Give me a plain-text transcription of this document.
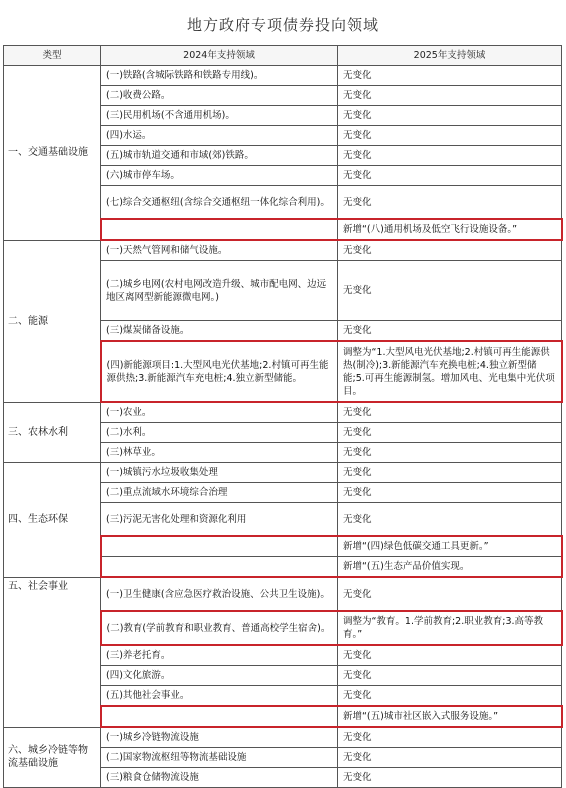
地方政府专项债券投向领域
类型	2024年支持领域	2025年支持领域
一、交通基础设施	(一)铁路(含城际铁路和铁路专用线)。	无变化
	(二)收费公路。	无变化
	(三)民用机场(不含通用机场)。	无变化
	(四)水运。	无变化
	(五)城市轨道交通和市域(郊)铁路。	无变化
	(六)城市停车场。	无变化
	(七)综合交通枢纽(含综合交通枢纽一体化综合利用)。	无变化
		新增“(八)通用机场及低空飞行设施设备。”
二、能源	(一)天然气管网和储气设施。	无变化
	(二)城乡电网(农村电网改造升级、城市配电网、边远地区离网型新能源微电网。)	无变化
	(三)煤炭储备设施。	无变化
	(四)新能源项目:1.大型风电光伏基地;2.村镇可再生能源供热;3.新能源汽车充电桩;4.独立新型储能。	调整为“1.大型风电光伏基地;2.村镇可再生能源供热(制冷);3.新能源汽车充换电桩;4.独立新型储能;5.可再生能源制氢。增加风电、光电集中光伏项目。
三、农林水利	(一)农业。	无变化
	(二)水利。	无变化
	(三)林草业。	无变化
四、生态环保	(一)城镇污水垃圾收集处理	无变化
	(二)重点流域水环境综合治理	无变化
	(三)污泥无害化处理和资源化利用	无变化
		新增“(四)绿色低碳交通工具更新。”
		新增“(五)生态产品价值实现。
五、社会事业	(一)卫生健康(含应急医疗救治设施、公共卫生设施)。	无变化
	(二)教育(学前教育和职业教育、普通高校学生宿舍)。	调整为“教育。1.学前教育;2.职业教育;3.高等教育。”
	(三)养老托育。	无变化
	(四)文化旅游。	无变化
	(五)其他社会事业。	无变化
		新增“(五)城市社区嵌入式服务设施。”
六、城乡冷链等物流基础设施	(一)城乡冷链物流设施	无变化
	(二)国家物流枢纽等物流基础设施	无变化
	(三)粮食仓储物流设施	无变化
